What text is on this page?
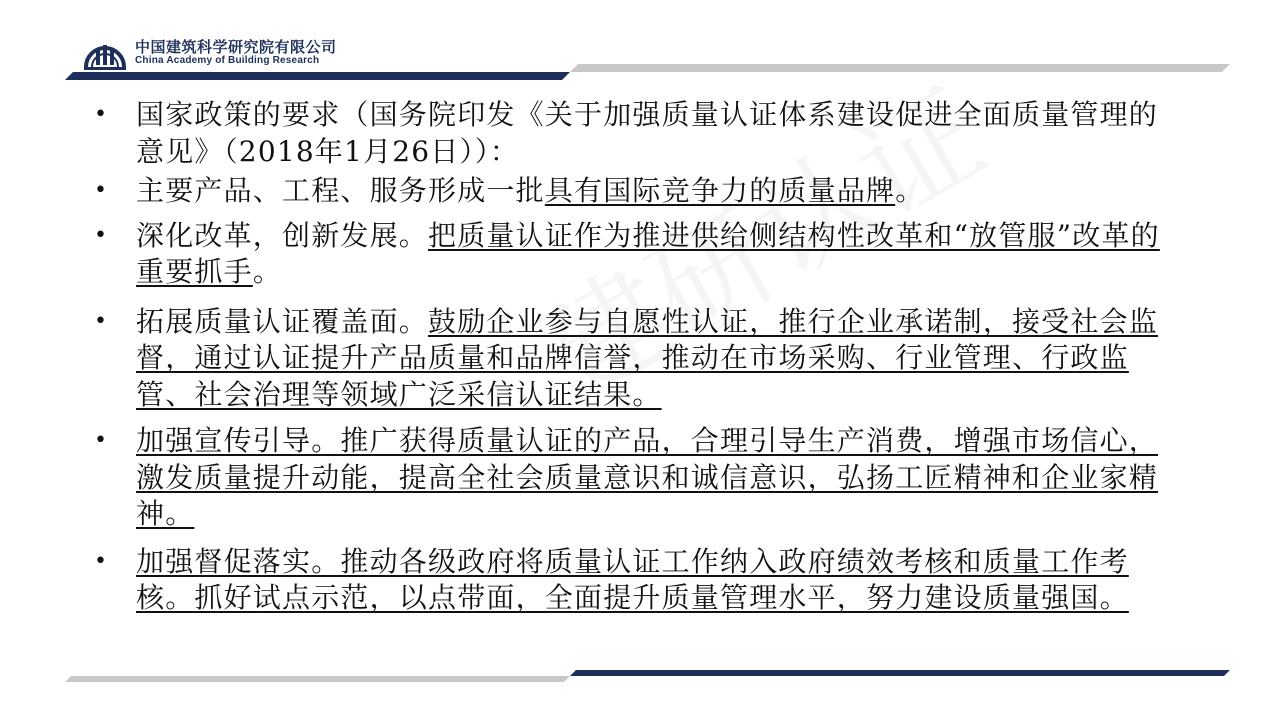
中国建筑科学研究院有限公司
China Academy of Building Research
• 国家政策的要求（国务院印发《关于加强质量认证体系建设促进全面质量管理的意见》（2018年1月26日））：
• 主要产品、工程、服务形成一批具有国际竞争力的质量品牌。
• 深化改革，创新发展。把质量认证作为推进供给侧结构性改革和“放管服”改革的重要抓手。
• 拓展质量认证覆盖面。鼓励企业参与自愿性认证，推行企业承诺制，接受社会监督，通过认证提升产品质量和品牌信誉，推动在市场采购、行业管理、行政监管、社会治理等领域广泛采信认证结果。
• 加强宣传引导。推广获得质量认证的产品，合理引导生产消费，增强市场信心，激发质量提升动能，提高全社会质量意识和诚信意识，弘扬工匠精神和企业家精神。
• 加强督促落实。推动各级政府将质量认证工作纳入政府绩效考核和质量工作考核。抓好试点示范，以点带面，全面提升质量管理水平，努力建设质量强国。
